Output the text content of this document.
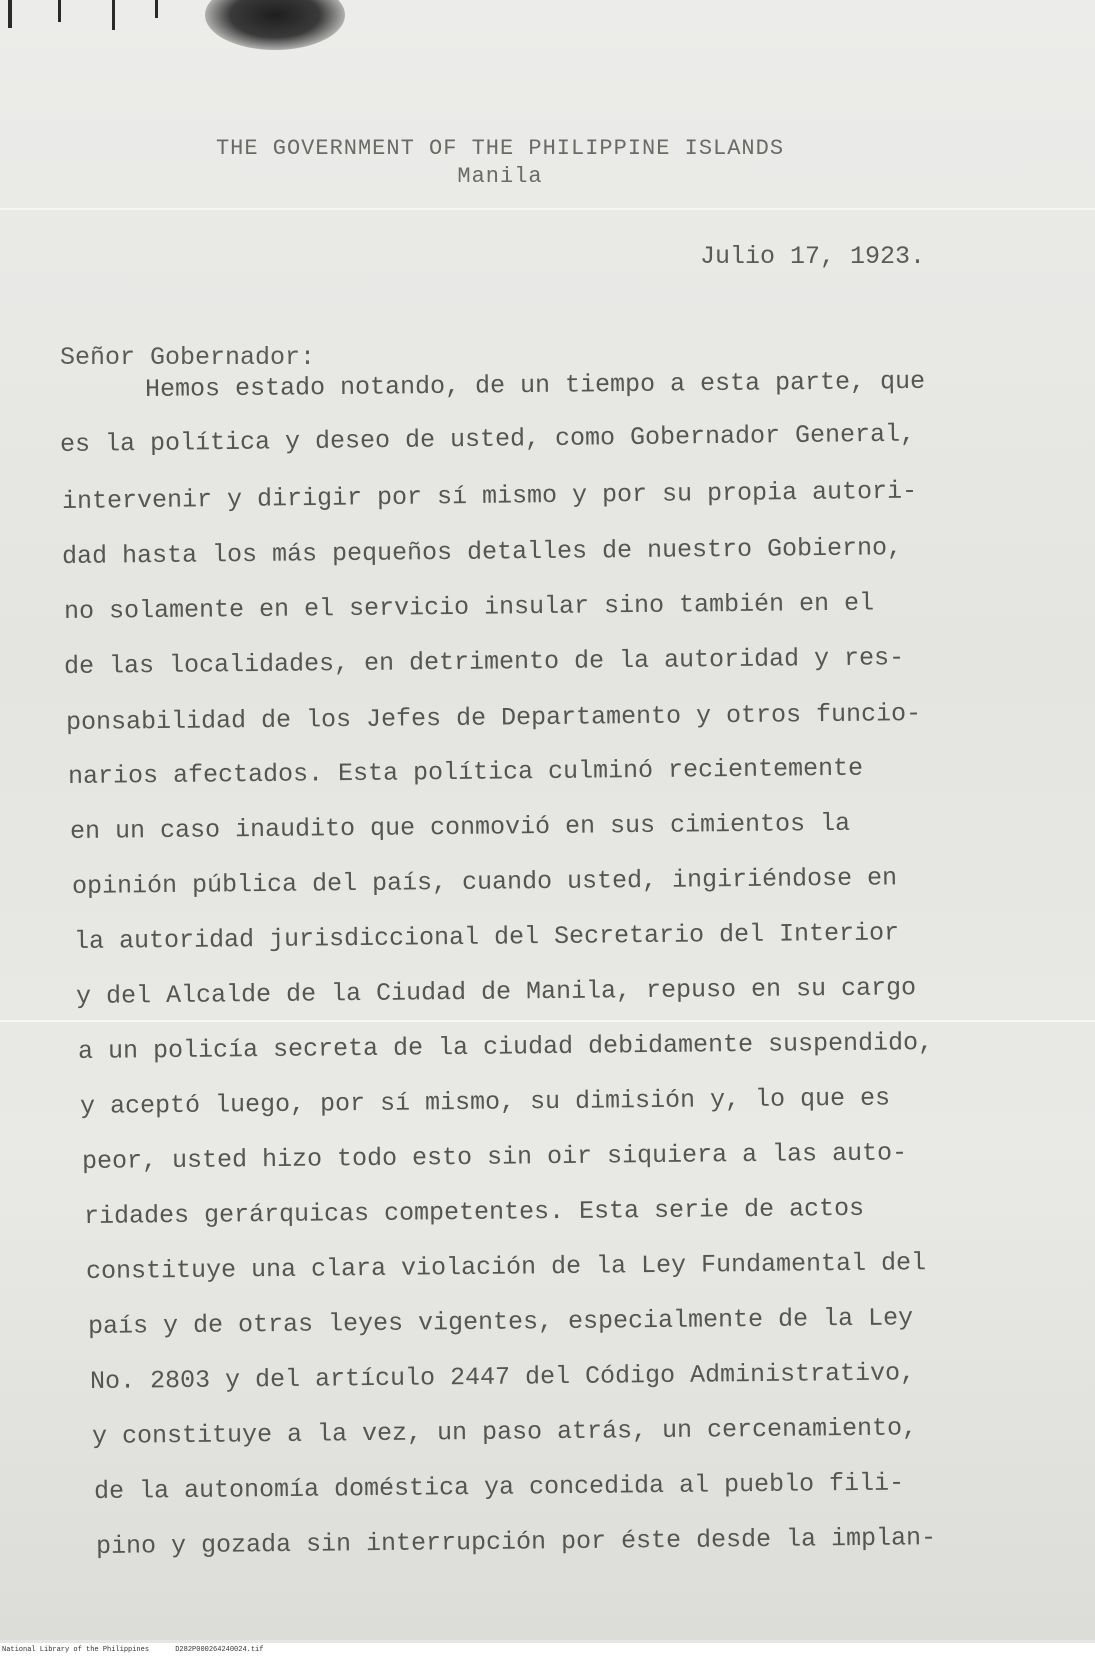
THE GOVERNMENT OF THE PHILIPPINE ISLANDS
Manila
Julio 17, 1923.
Señor Gobernador:
Hemos estado notando, de un tiempo a esta parte, que
es la política y deseo de usted, como Gobernador General,
intervenir y dirigir por sí mismo y por su propia autori-
dad hasta los más pequeños detalles de nuestro Gobierno,
no solamente en el servicio insular sino también en el
de las localidades, en detrimento de la autoridad y res-
ponsabilidad de los Jefes de Departamento y otros funcio-
narios afectados. Esta política culminó recientemente
en un caso inaudito que conmovió en sus cimientos la
opinión pública del país, cuando usted, ingiriéndose en
la autoridad jurisdiccional del Secretario del Interior
y del Alcalde de la Ciudad de Manila, repuso en su cargo
a un policía secreta de la ciudad debidamente suspendido,
y aceptó luego, por sí mismo, su dimisión y, lo que es
peor, usted hizo todo esto sin oir siquiera a las auto-
ridades gerárquicas competentes. Esta serie de actos
constituye una clara violación de la Ley Fundamental del
país y de otras leyes vigentes, especialmente de la Ley
No. 2803 y del artículo 2447 del Código Administrativo,
y constituye a la vez, un paso atrás, un cercenamiento,
de la autonomía doméstica ya concedida al pueblo fili-
pino y gozada sin interrupción por éste desde la implan-
National Library of the Philippines	D282P000264240024.tif
